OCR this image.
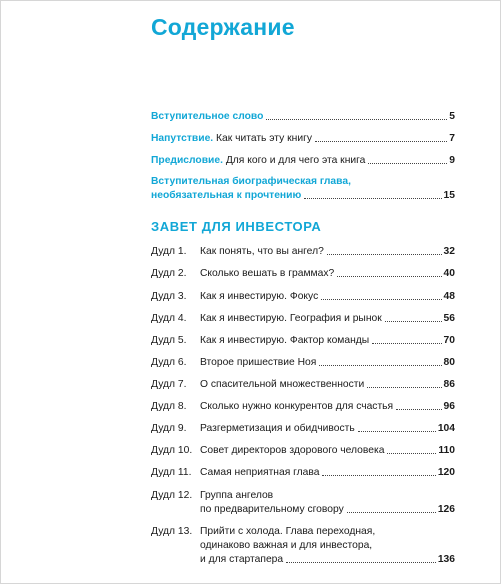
Содержание
Вступительное слово	5
Напутствие. Как читать эту книгу	7
Предисловие. Для кого и для чего эта книга	9
Вступительная биографическая глава,
необязательная к прочтению	15
ЗАВЕТ ДЛЯ ИНВЕСТОРА
Дудл 1. Как понять, что вы ангел?	32
Дудл 2. Сколько вешать в граммах?	40
Дудл 3. Как я инвестирую. Фокус	48
Дудл 4. Как я инвестирую. География и рынок	56
Дудл 5. Как я инвестирую. Фактор команды	70
Дудл 6. Второе пришествие Ноя	80
Дудл 7. О спасительной множественности	86
Дудл 8. Сколько нужно конкурентов для счастья	96
Дудл 9. Разгерметизация и обидчивость	104
Дудл 10. Совет директоров здорового человека	110
Дудл 11. Самая неприятная глава	120
Дудл 12. Группа ангелов
по предварительному сговору	126
Дудл 13. Прийти с холода. Глава переходная,
одинаково важная и для инвестора,
и для стартапера	136
